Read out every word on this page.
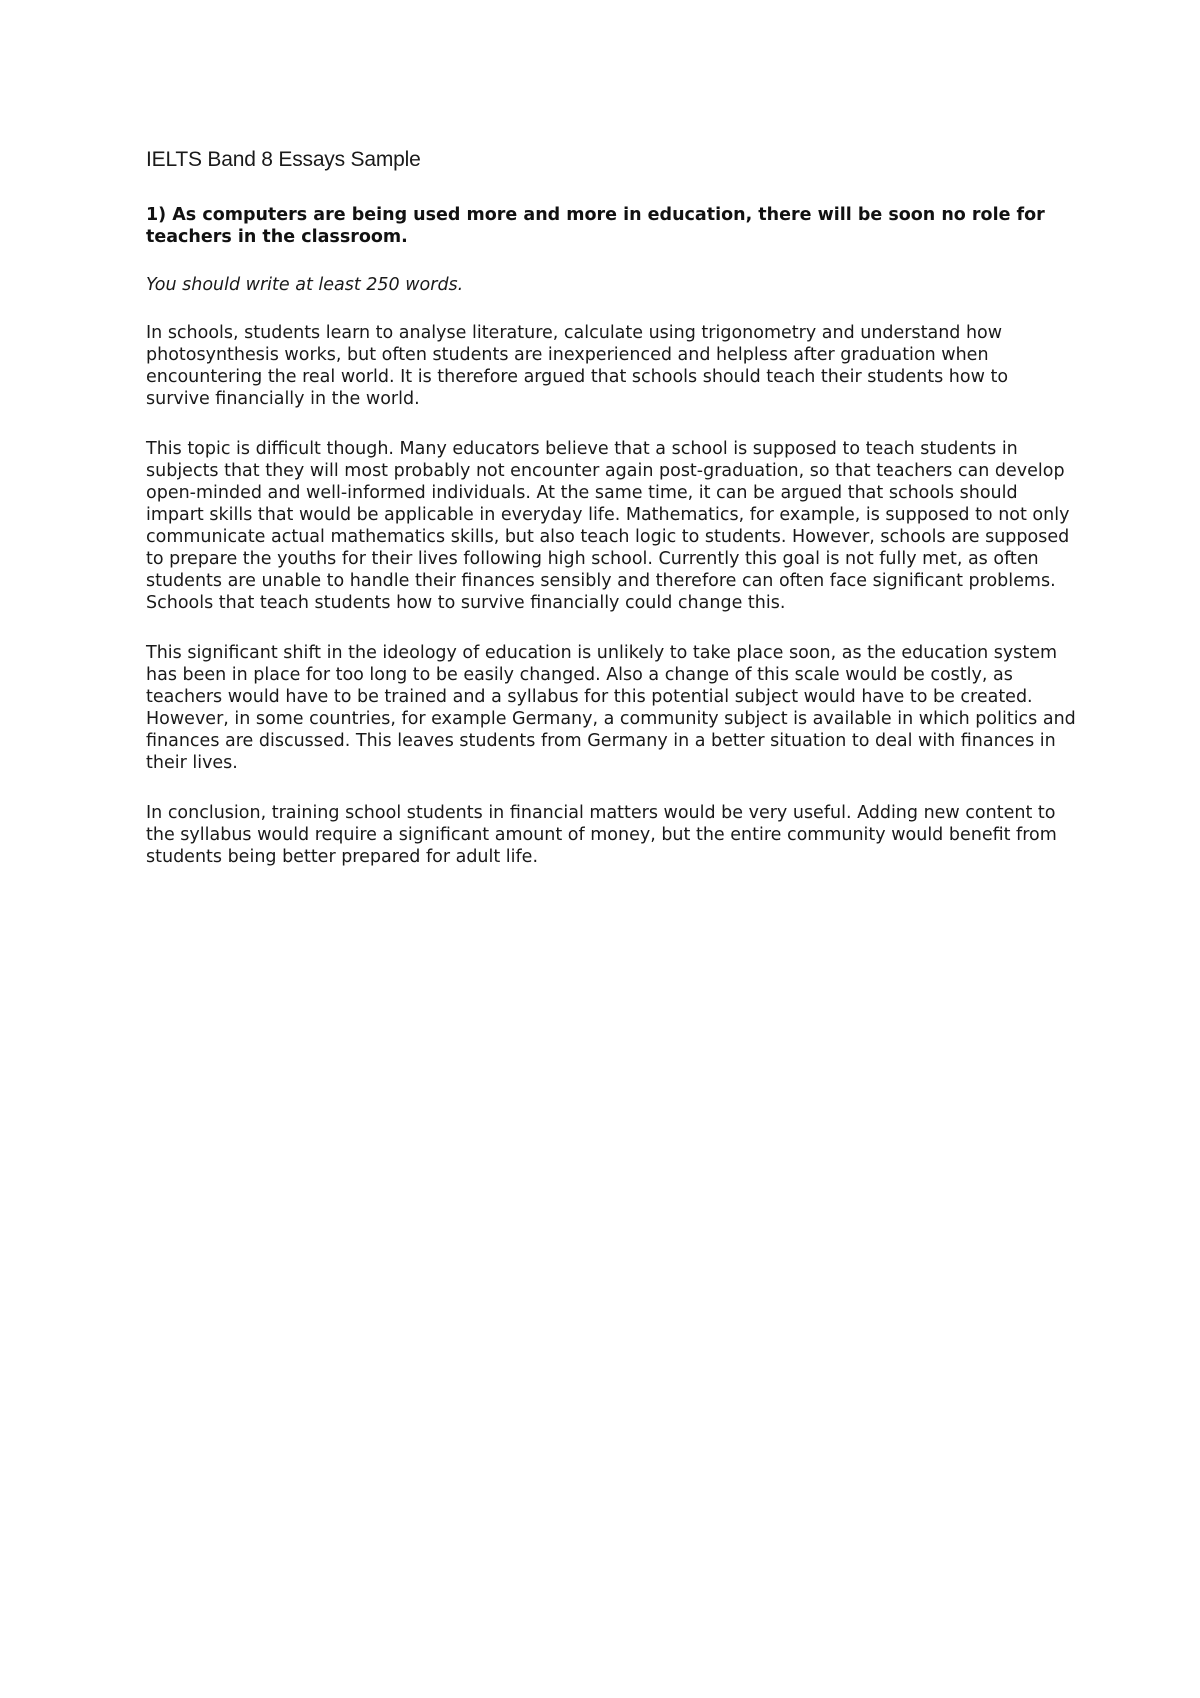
IELTS Band 8 Essays Sample

1) As computers are being used more and more in education, there will be soon no role for teachers in the classroom.

You should write at least 250 words.

In schools, students learn to analyse literature, calculate using trigonometry and understand how photosynthesis works, but often students are inexperienced and helpless after graduation when encountering the real world. It is therefore argued that schools should teach their students how to survive financially in the world.

This topic is difficult though. Many educators believe that a school is supposed to teach students in subjects that they will most probably not encounter again post-graduation, so that teachers can develop open-minded and well-informed individuals. At the same time, it can be argued that schools should impart skills that would be applicable in everyday life. Mathematics, for example, is supposed to not only communicate actual mathematics skills, but also teach logic to students. However, schools are supposed to prepare the youths for their lives following high school. Currently this goal is not fully met, as often students are unable to handle their finances sensibly and therefore can often face significant problems. Schools that teach students how to survive financially could change this.

This significant shift in the ideology of education is unlikely to take place soon, as the education system has been in place for too long to be easily changed. Also a change of this scale would be costly, as teachers would have to be trained and a syllabus for this potential subject would have to be created. However, in some countries, for example Germany, a community subject is available in which politics and finances are discussed. This leaves students from Germany in a better situation to deal with finances in their lives.

In conclusion, training school students in financial matters would be very useful. Adding new content to the syllabus would require a significant amount of money, but the entire community would benefit from students being better prepared for adult life.
